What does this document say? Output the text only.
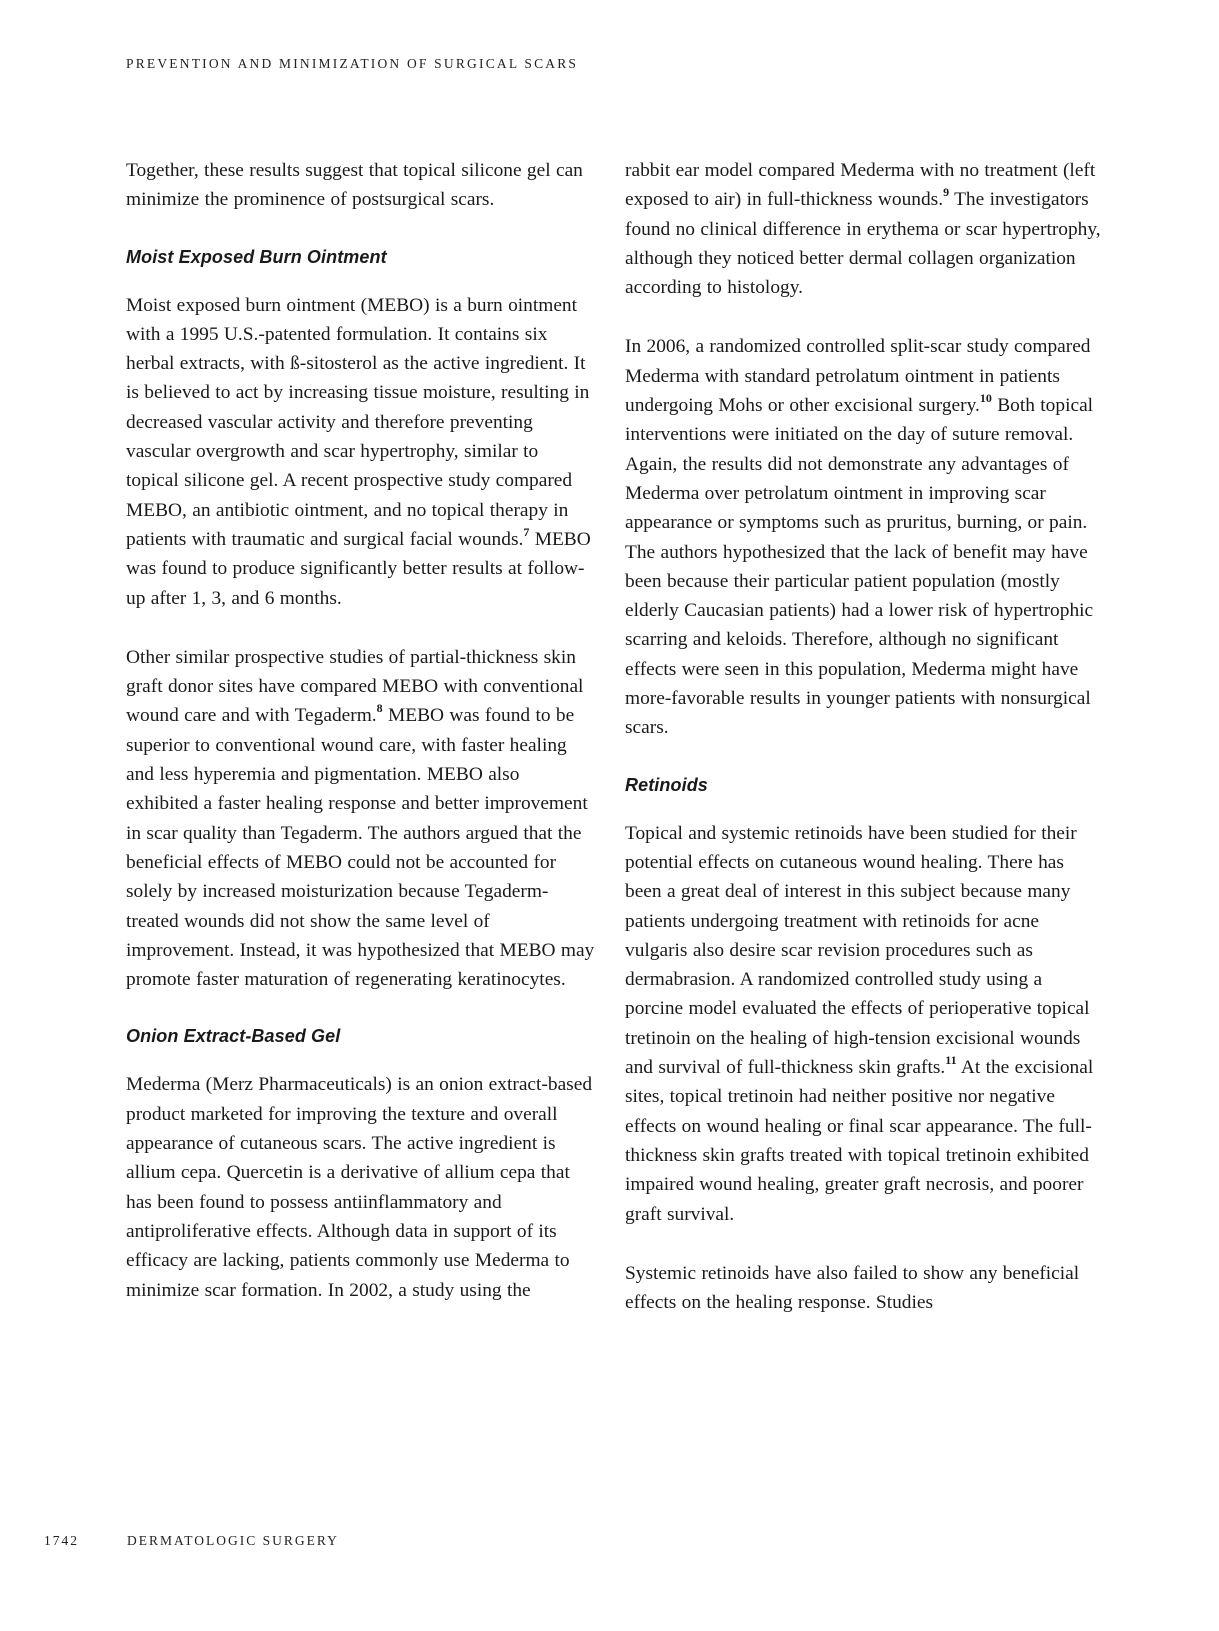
PREVENTION AND MINIMIZATION OF SURGICAL SCARS

Together, these results suggest that topical silicone gel can minimize the prominence of postsurgical scars.

Moist Exposed Burn Ointment

Moist exposed burn ointment (MEBO) is a burn ointment with a 1995 U.S.-patented formulation. It contains six herbal extracts, with ß-sitosterol as the active ingredient. It is believed to act by increasing tissue moisture, resulting in decreased vascular activity and therefore preventing vascular overgrowth and scar hypertrophy, similar to topical silicone gel. A recent prospective study compared MEBO, an antibiotic ointment, and no topical therapy in patients with traumatic and surgical facial wounds.$^7$ MEBO was found to produce significantly better results at follow-up after 1, 3, and 6 months.

Other similar prospective studies of partial-thickness skin graft donor sites have compared MEBO with conventional wound care and with Tegaderm.$^8$ MEBO was found to be superior to conventional wound care, with faster healing and less hyperemia and pigmentation. MEBO also exhibited a faster healing response and better improvement in scar quality than Tegaderm. The authors argued that the beneficial effects of MEBO could not be accounted for solely by increased moisturization because Tegaderm-treated wounds did not show the same level of improvement. Instead, it was hypothesized that MEBO may promote faster maturation of regenerating keratinocytes.

Onion Extract-Based Gel

Mederma (Merz Pharmaceuticals) is an onion extract-based product marketed for improving the texture and overall appearance of cutaneous scars. The active ingredient is allium cepa. Quercetin is a derivative of allium cepa that has been found to possess antiinflammatory and antiproliferative effects. Although data in support of its efficacy are lacking, patients commonly use Mederma to minimize scar formation. In 2002, a study using the

rabbit ear model compared Mederma with no treatment (left exposed to air) in full-thickness wounds.$^9$ The investigators found no clinical difference in erythema or scar hypertrophy, although they noticed better dermal collagen organization according to histology.

In 2006, a randomized controlled split-scar study compared Mederma with standard petrolatum ointment in patients undergoing Mohs or other excisional surgery.$^{10}$ Both topical interventions were initiated on the day of suture removal. Again, the results did not demonstrate any advantages of Mederma over petrolatum ointment in improving scar appearance or symptoms such as pruritus, burning, or pain. The authors hypothesized that the lack of benefit may have been because their particular patient population (mostly elderly Caucasian patients) had a lower risk of hypertrophic scarring and keloids. Therefore, although no significant effects were seen in this population, Mederma might have more-favorable results in younger patients with nonsurgical scars.

Retinoids

Topical and systemic retinoids have been studied for their potential effects on cutaneous wound healing. There has been a great deal of interest in this subject because many patients undergoing treatment with retinoids for acne vulgaris also desire scar revision procedures such as dermabrasion. A randomized controlled study using a porcine model evaluated the effects of perioperative topical tretinoin on the healing of high-tension excisional wounds and survival of full-thickness skin grafts.$^{11}$ At the excisional sites, topical tretinoin had neither positive nor negative effects on wound healing or final scar appearance. The full-thickness skin grafts treated with topical tretinoin exhibited impaired wound healing, greater graft necrosis, and poorer graft survival.

Systemic retinoids have also failed to show any beneficial effects on the healing response. Studies

1742	DERMATOLOGIC SURGERY
